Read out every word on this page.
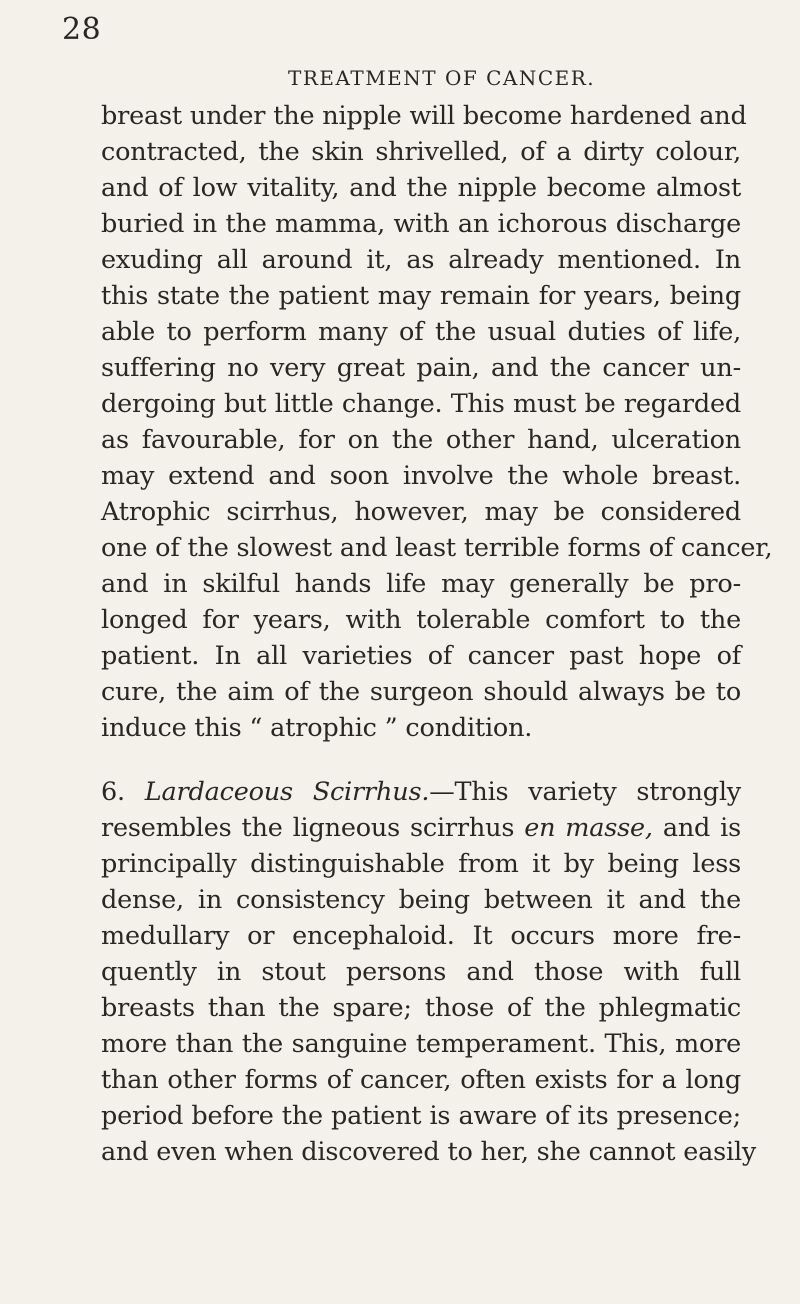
28
TREATMENT OF CANCER.
breast under the nipple will become hardened and
contracted, the skin shrivelled, of a dirty colour,
and of low vitality, and the nipple become almost
buried in the mamma, with an ichorous discharge
exuding all around it, as already mentioned. In
this state the patient may remain for years, being
able to perform many of the usual duties of life,
suffering no very great pain, and the cancer un-
dergoing but little change. This must be regarded
as favourable, for on the other hand, ulceration
may extend and soon involve the whole breast.
Atrophic scirrhus, however, may be considered
one of the slowest and least terrible forms of cancer,
and in skilful hands life may generally be pro-
longed for years, with tolerable comfort to the
patient. In all varieties of cancer past hope of
cure, the aim of the surgeon should always be to
induce this “ atrophic ” condition.
6. Lardaceous Scirrhus.—This variety strongly
resembles the ligneous scirrhus en masse, and is
principally distinguishable from it by being less
dense, in consistency being between it and the
medullary or encephaloid. It occurs more fre-
quently in stout persons and those with full
breasts than the spare; those of the phlegmatic
more than the sanguine temperament. This, more
than other forms of cancer, often exists for a long
period before the patient is aware of its presence;
and even when discovered to her, she cannot easily
